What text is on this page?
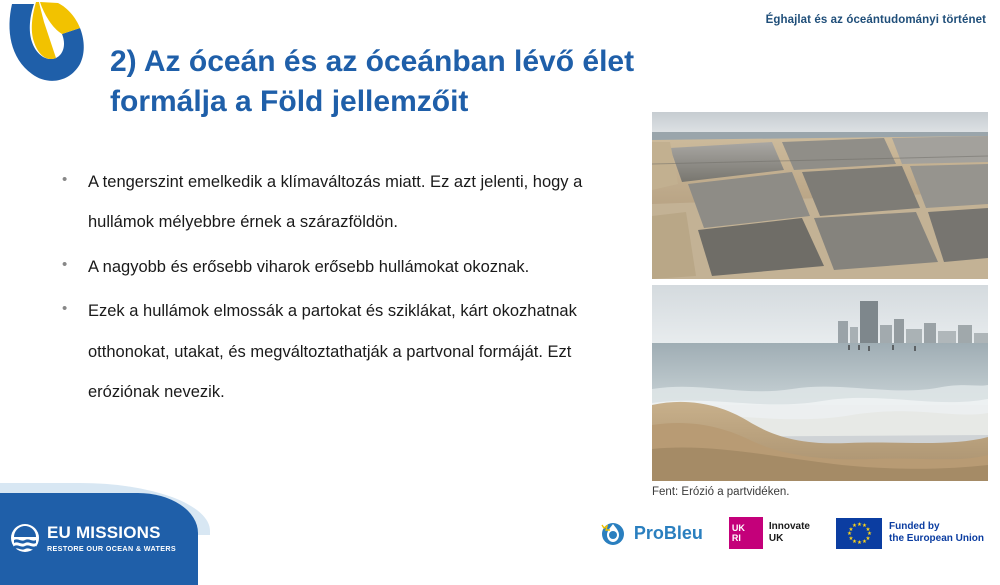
Éghajlat és az óceántudományi történet
2) Az óceán és az óceánban lévő élet
formálja a Föld jellemzőit
•	A tengerszint emelkedik a klímaváltozás miatt. Ez azt jelenti, hogy a hullámok mélyebbre érnek a szárazföldön.
•	A nagyobb és erősebb viharok erősebb hullámokat okoznak.
•	Ezek a hullámok elmossák a partokat és sziklákat, kárt okozhatnak otthonokat, utakat, és megváltoztathatják a partvonal formáját. Ezt eróziónak nevezik.
Fent: Erózió a partvidéken.
EU MISSIONS
RESTORE OUR OCEAN & WATERS
ProBleu	UK
RI
Innovate
UK
★ ★
★
★
★
★
★
★
★
★
★
★	Funded by
the European Union
